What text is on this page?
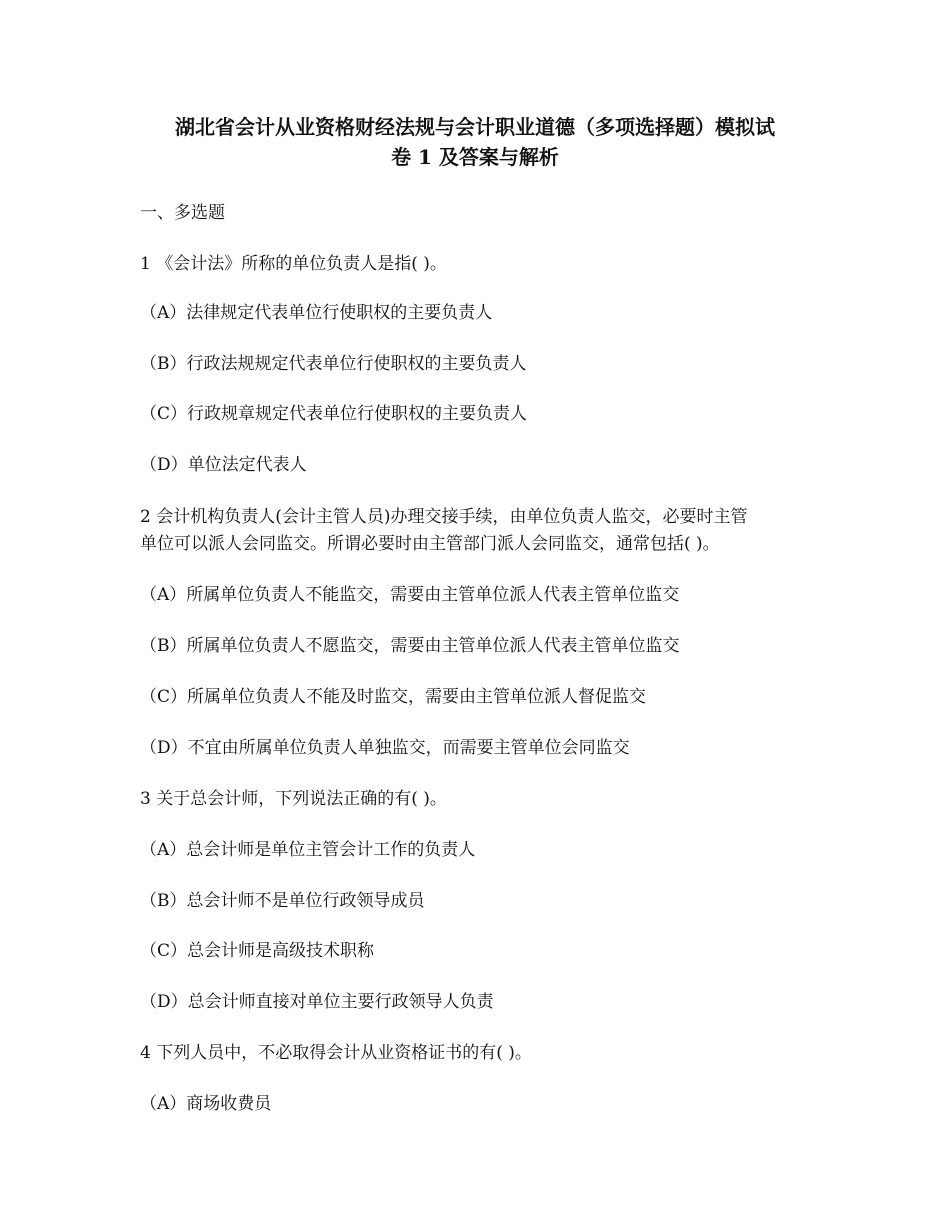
湖北省会计从业资格财经法规与会计职业道德（多项选择题）模拟试

卷 1 及答案与解析

一、多选题

1 《会计法》所称的单位负责人是指( )。

（A）法律规定代表单位行使职权的主要负责人

（B）行政法规规定代表单位行使职权的主要负责人

（C）行政规章规定代表单位行使职权的主要负责人

（D）单位法定代表人

2 会计机构负责人(会计主管人员)办理交接手续，由单位负责人监交，必要时主管

单位可以派人会同监交。所谓必要时由主管部门派人会同监交，通常包括( )。

（A）所属单位负责人不能监交，需要由主管单位派人代表主管单位监交

（B）所属单位负责人不愿监交，需要由主管单位派人代表主管单位监交

（C）所属单位负责人不能及时监交，需要由主管单位派人督促监交

（D）不宜由所属单位负责人单独监交，而需要主管单位会同监交

3 关于总会计师，下列说法正确的有( )。

（A）总会计师是单位主管会计工作的负责人

（B）总会计师不是单位行政领导成员

（C）总会计师是高级技术职称

（D）总会计师直接对单位主要行政领导人负责

4 下列人员中，不必取得会计从业资格证书的有( )。

（A）商场收费员
